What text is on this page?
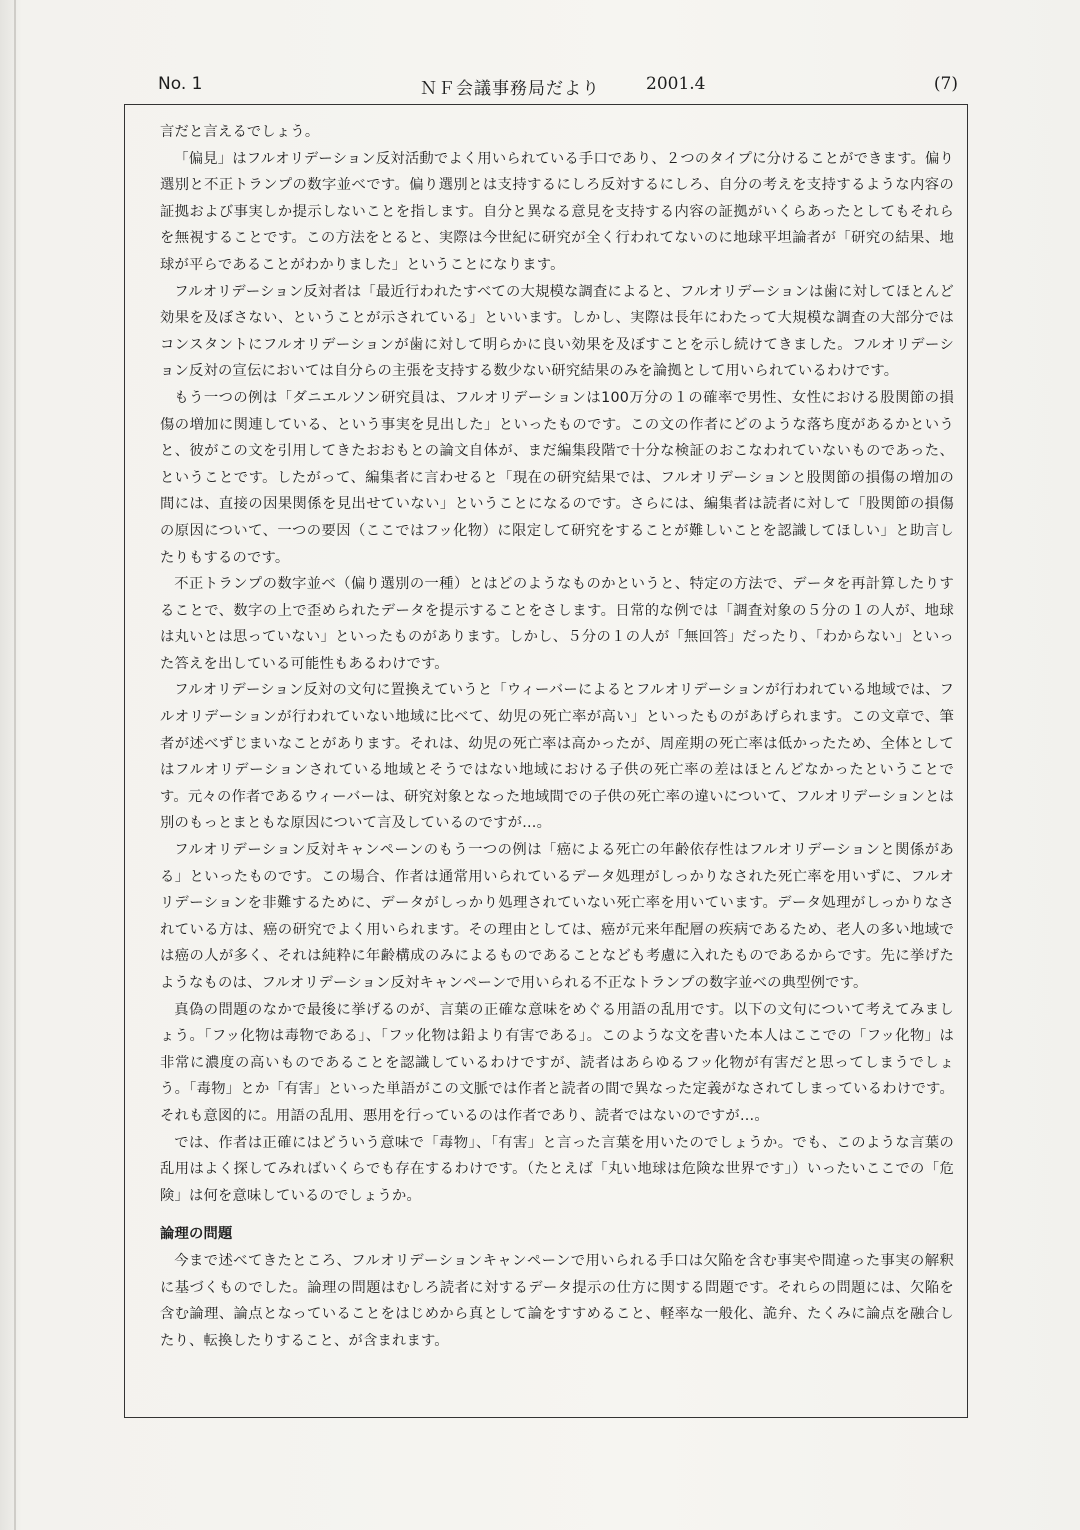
No. 1	ＮＦ会議事務局だより	2001.4	(7)

言だと言えるでしょう。

「偏見」はフルオリデーション反対活動でよく用いられている手口であり、２つのタイプに分けることができます。偏り選別と不正トランプの数字並べです。偏り選別とは支持するにしろ反対するにしろ、自分の考えを支持するような内容の証拠および事実しか提示しないことを指します。自分と異なる意見を支持する内容の証拠がいくらあったとしてもそれらを無視することです。この方法をとると、実際は今世紀に研究が全く行われてないのに地球平坦論者が「研究の結果、地球が平らであることがわかりました」ということになります。

フルオリデーション反対者は「最近行われたすべての大規模な調査によると、フルオリデーションは歯に対してほとんど効果を及ぼさない、ということが示されている」といいます。しかし、実際は長年にわたって大規模な調査の大部分ではコンスタントにフルオリデーションが歯に対して明らかに良い効果を及ぼすことを示し続けてきました。フルオリデーション反対の宣伝においては自分らの主張を支持する数少ない研究結果のみを論拠として用いられているわけです。

もう一つの例は「ダニエルソン研究員は、フルオリデーションは100万分の１の確率で男性、女性における股関節の損傷の増加に関連している、という事実を見出した」といったものです。この文の作者にどのような落ち度があるかというと、彼がこの文を引用してきたおおもとの論文自体が、まだ編集段階で十分な検証のおこなわれていないものであった、ということです。したがって、編集者に言わせると「現在の研究結果では、フルオリデーションと股関節の損傷の増加の間には、直接の因果関係を見出せていない」ということになるのです。さらには、編集者は読者に対して「股関節の損傷の原因について、一つの要因（ここではフッ化物）に限定して研究をすることが難しいことを認識してほしい」と助言したりもするのです。

不正トランプの数字並べ（偏り選別の一種）とはどのようなものかというと、特定の方法で、データを再計算したりすることで、数字の上で歪められたデータを提示することをさします。日常的な例では「調査対象の５分の１の人が、地球は丸いとは思っていない」といったものがあります。しかし、５分の１の人が「無回答」だったり、「わからない」といった答えを出している可能性もあるわけです。

フルオリデーション反対の文句に置換えていうと「ウィーバーによるとフルオリデーションが行われている地域では、フルオリデーションが行われていない地域に比べて、幼児の死亡率が高い」といったものがあげられます。この文章で、筆者が述べずじまいなことがあります。それは、幼児の死亡率は高かったが、周産期の死亡率は低かったため、全体としてはフルオリデーションされている地域とそうではない地域における子供の死亡率の差はほとんどなかったということです。元々の作者であるウィーバーは、研究対象となった地域間での子供の死亡率の違いについて、フルオリデーションとは別のもっとまともな原因について言及しているのですが…。

フルオリデーション反対キャンペーンのもう一つの例は「癌による死亡の年齢依存性はフルオリデーションと関係がある」といったものです。この場合、作者は通常用いられているデータ処理がしっかりなされた死亡率を用いずに、フルオリデーションを非難するために、データがしっかり処理されていない死亡率を用いています。データ処理がしっかりなされている方は、癌の研究でよく用いられます。その理由としては、癌が元来年配層の疾病であるため、老人の多い地域では癌の人が多く、それは純粋に年齢構成のみによるものであることなども考慮に入れたものであるからです。先に挙げたようなものは、フルオリデーション反対キャンペーンで用いられる不正なトランプの数字並べの典型例です。

真偽の問題のなかで最後に挙げるのが、言葉の正確な意味をめぐる用語の乱用です。以下の文句について考えてみましょう。「フッ化物は毒物である」、「フッ化物は鉛より有害である」。このような文を書いた本人はここでの「フッ化物」は非常に濃度の高いものであることを認識しているわけですが、読者はあらゆるフッ化物が有害だと思ってしまうでしょう。「毒物」とか「有害」といった単語がこの文脈では作者と読者の間で異なった定義がなされてしまっているわけです。それも意図的に。用語の乱用、悪用を行っているのは作者であり、読者ではないのですが…。

では、作者は正確にはどういう意味で「毒物」、「有害」と言った言葉を用いたのでしょうか。でも、このような言葉の乱用はよく探してみればいくらでも存在するわけです。（たとえば「丸い地球は危険な世界です」）いったいここでの「危険」は何を意味しているのでしょうか。

論理の問題

今まで述べてきたところ、フルオリデーションキャンペーンで用いられる手口は欠陥を含む事実や間違った事実の解釈に基づくものでした。論理の問題はむしろ読者に対するデータ提示の仕方に関する問題です。それらの問題には、欠陥を含む論理、論点となっていることをはじめから真として論をすすめること、軽率な一般化、詭弁、たくみに論点を融合したり、転換したりすること、が含まれます。
